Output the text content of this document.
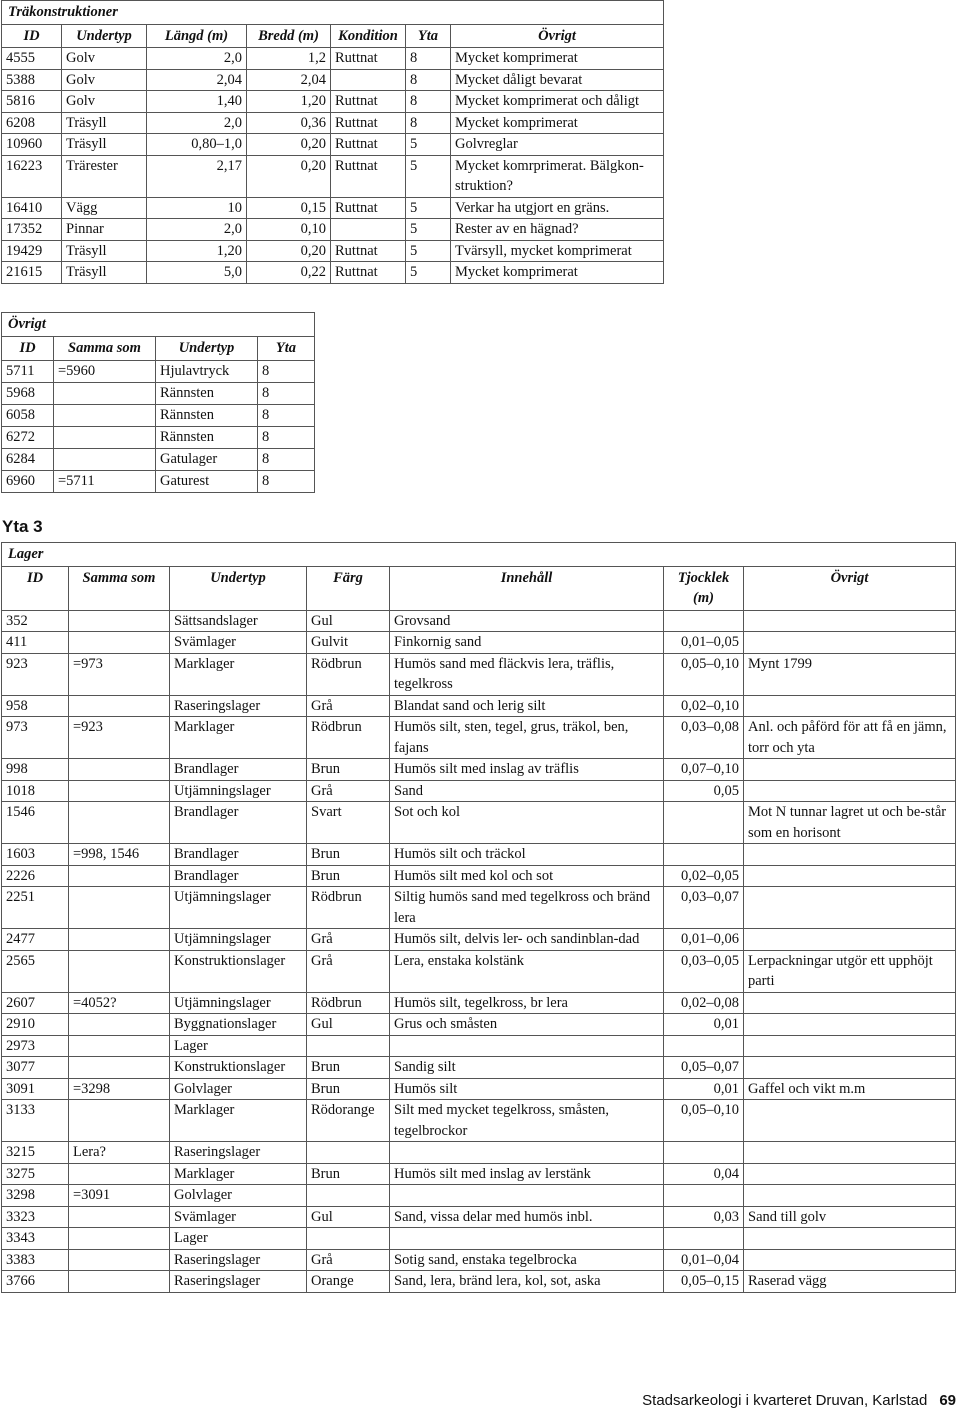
Träkonstruktioner						
ID	Undertyp	Längd (m)	Bredd (m)	Kondition	Yta	Övrigt
4555	Golv	2,0	1,2	Ruttnat	8	Mycket komprimerat
5388	Golv	2,04	2,04		8	Mycket dåligt bevarat
5816	Golv	1,40	1,20	Ruttnat	8	Mycket komprimerat och dåligt
6208	Träsyll	2,0	0,36	Ruttnat	8	Mycket komprimerat
10960	Träsyll	0,80–1,0	0,20	Ruttnat	5	Golvreglar
16223	Trärester	2,17	0,20	Ruttnat	5	Mycket komrprimerat. Bälgkon-struktion?
16410	Vägg	10	0,15	Ruttnat	5	Verkar ha utgjort en gräns.
17352	Pinnar	2,0	0,10		5	Rester av en hägnad?
19429	Träsyll	1,20	0,20	Ruttnat	5	Tvärsyll, mycket komprimerat
21615	Träsyll	5,0	0,22	Ruttnat	5	Mycket komprimerat
Övrigt			
ID	Samma som	Undertyp	Yta
5711	=5960	Hjulavtryck	8
5968		Rännsten	8
6058		Rännsten	8
6272		Rännsten	8
6284		Gatulager	8
6960	=5711	Gaturest	8
Yta 3
Lager						
ID	Samma som	Undertyp	Färg	Innehåll	Tjocklek (m)	Övrigt
352		Sättsandslager	Gul	Grovsand		
411		Svämlager	Gulvit	Finkornig sand	0,01–0,05	
923	=973	Marklager	Rödbrun	Humös sand med fläckvis lera, träflis, tegelkross	0,05–0,10	Mynt 1799
958		Raseringslager	Grå	Blandat sand och lerig silt	0,02–0,10	
973	=923	Marklager	Rödbrun	Humös silt, sten, tegel, grus, träkol, ben, fajans	0,03–0,08	Anl. och påförd för att få en jämn, torr och yta
998		Brandlager	Brun	Humös silt med inslag av träflis	0,07–0,10	
1018		Utjämningslager	Grå	Sand	0,05	
1546		Brandlager	Svart	Sot och kol		Mot N tunnar lagret ut och be-står som en horisont
1603	=998, 1546	Brandlager	Brun	Humös silt och träckol		
2226		Brandlager	Brun	Humös silt med kol och sot	0,02–0,05	
2251		Utjämningslager	Rödbrun	Siltig humös sand med tegelkross och bränd lera	0,03–0,07	
2477		Utjämningslager	Grå	Humös silt, delvis ler- och sandinblan-dad	0,01–0,06	
2565		Konstruktionslager	Grå	Lera, enstaka kolstänk	0,03–0,05	Lerpackningar utgör ett upphöjt parti
2607	=4052?	Utjämningslager	Rödbrun	Humös silt, tegelkross, br lera	0,02–0,08	
2910		Byggnationslager	Gul	Grus och småsten	0,01	
2973		Lager				
3077		Konstruktionslager	Brun	Sandig silt	0,05–0,07	
3091	=3298	Golvlager	Brun	Humös silt	0,01	Gaffel och vikt m.m
3133		Marklager	Rödorange	Silt med mycket tegelkross, småsten, tegelbrockor	0,05–0,10	
3215	Lera?	Raseringslager				
3275		Marklager	Brun	Humös silt med inslag av lerstänk	0,04	
3298	=3091	Golvlager				
3323		Svämlager	Gul	Sand, vissa delar med humös inbl.	0,03	Sand till golv
3343		Lager				
3383		Raseringslager	Grå	Sotig sand, enstaka tegelbrocka	0,01–0,04	
3766		Raseringslager	Orange	Sand, lera, bränd lera, kol, sot, aska	0,05–0,15	Raserad vägg
Stadsarkeologi i kvarteret Druvan, Karlstad 69
